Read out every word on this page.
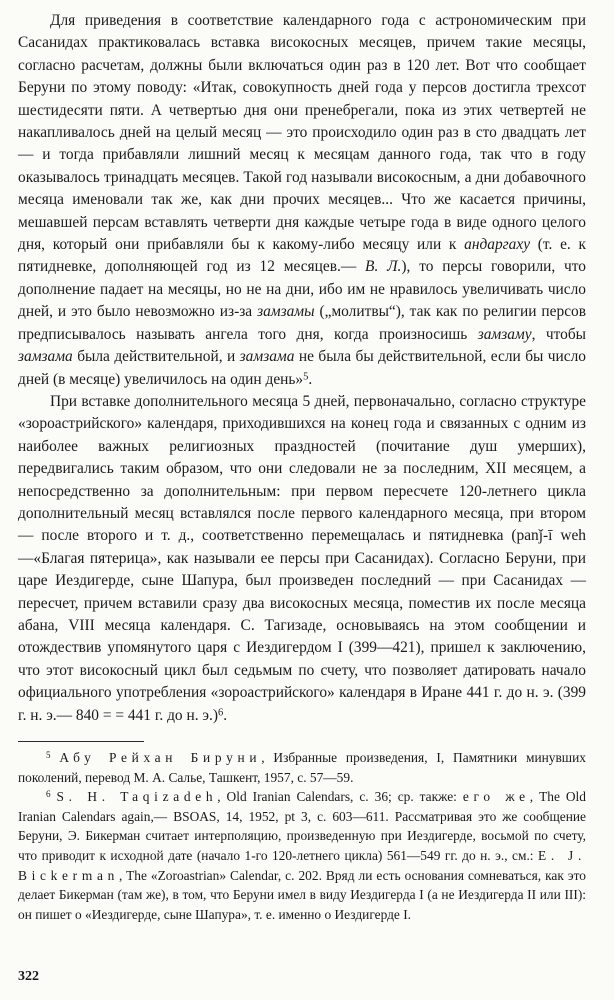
Для приведения в соответствие календарного года с астрономическим при Сасанидах практиковалась вставка високосных месяцев, причем такие месяцы, согласно расчетам, должны были включаться один раз в 120 лет. Вот что сообщает Беруни по этому поводу: «Итак, совокупность дней года у персов достигла трехсот шестидесяти пяти. А четвертью дня они пренебрегали, пока из этих четвертей не накапливалось дней на целый месяц — это происходило один раз в сто двадцать лет — и тогда прибавляли лишний месяц к месяцам данного года, так что в году оказывалось тринадцать месяцев. Такой год называли високосным, а дни добавочного месяца именовали так же, как дни прочих месяцев... Что же касается причины, мешавшей персам вставлять четверти дня каждые четыре года в виде одного целого дня, который они прибавляли бы к какому-либо месяцу или к андаргаху (т. е. к пятидневке, дополняющей год из 12 месяцев.— В. Л.), то персы говорили, что дополнение падает на месяцы, но не на дни, ибо им не нравилось увеличивать число дней, и это было невозможно из-за замзамы („молитвы“), так как по религии персов предписывалось называть ангела того дня, когда произносишь замзаму, чтобы замзама была действительной, и замзама не была бы действительной, если бы число дней (в месяце) увеличилось на один день»$^5$.

При вставке дополнительного месяца 5 дней, первоначально, согласно структуре «зороастрийского» календаря, приходившихся на конец года и связанных с одним из наиболее важных религиозных праздностей (почитание душ умерших), передвигались таким образом, что они следовали не за последним, XII месяцем, а непосредственно за дополнительным: при первом пересчете 120-летнего цикла дополнительный месяц вставлялся после первого календарного месяца, при втором — после второго и т. д., соответственно перемещалась и пятидневка (panǰ-ī weh —«Благая пятерица», как называли ее персы при Сасанидах). Согласно Беруни, при царе Иездигерде, сыне Шапура, был произведен последний — при Сасанидах — пересчет, причем вставили сразу два високосных месяца, поместив их после месяца абана, VIII месяца календаря. С. Тагизаде, основываясь на этом сообщении и отождествив упомянутого царя с Иездигердом I (399—421), пришел к заключению, что этот високосный цикл был седьмым по счету, что позволяет датировать начало официального употребления «зороастрийского» календаря в Иране 441 г. до н. э. (399 г. н. э.— 840 = = 441 г. до н. э.)$^6$.

$^5$ Абу Рейхан Бируни, Избранные произведения, I, Памятники минувших поколений, перевод М. А. Салье, Ташкент, 1957, с. 57—59.

$^6$ S. H. Taqizadeh, Old Iranian Calendars, с. 36; ср. также: его же, The Old Iranian Calendars again,— BSOAS, 14, 1952, pt 3, с. 603—611. Рассматривая это же сообщение Беруни, Э. Бикерман считает интерполяцию, произведенную при Иездигерде, восьмой по счету, что приводит к исходной дате (начало 1-го 120-летнего цикла) 561—549 гг. до н. э., см.: E. J. Bickerman, The «Zoroastrian» Calendar, с. 202. Вряд ли есть основания сомневаться, как это делает Бикерман (там же), в том, что Беруни имел в виду Иездигерда I (а не Иездигерда II или III): он пишет о «Иездигерде, сыне Шапура», т. е. именно о Иездигерде I.

322
